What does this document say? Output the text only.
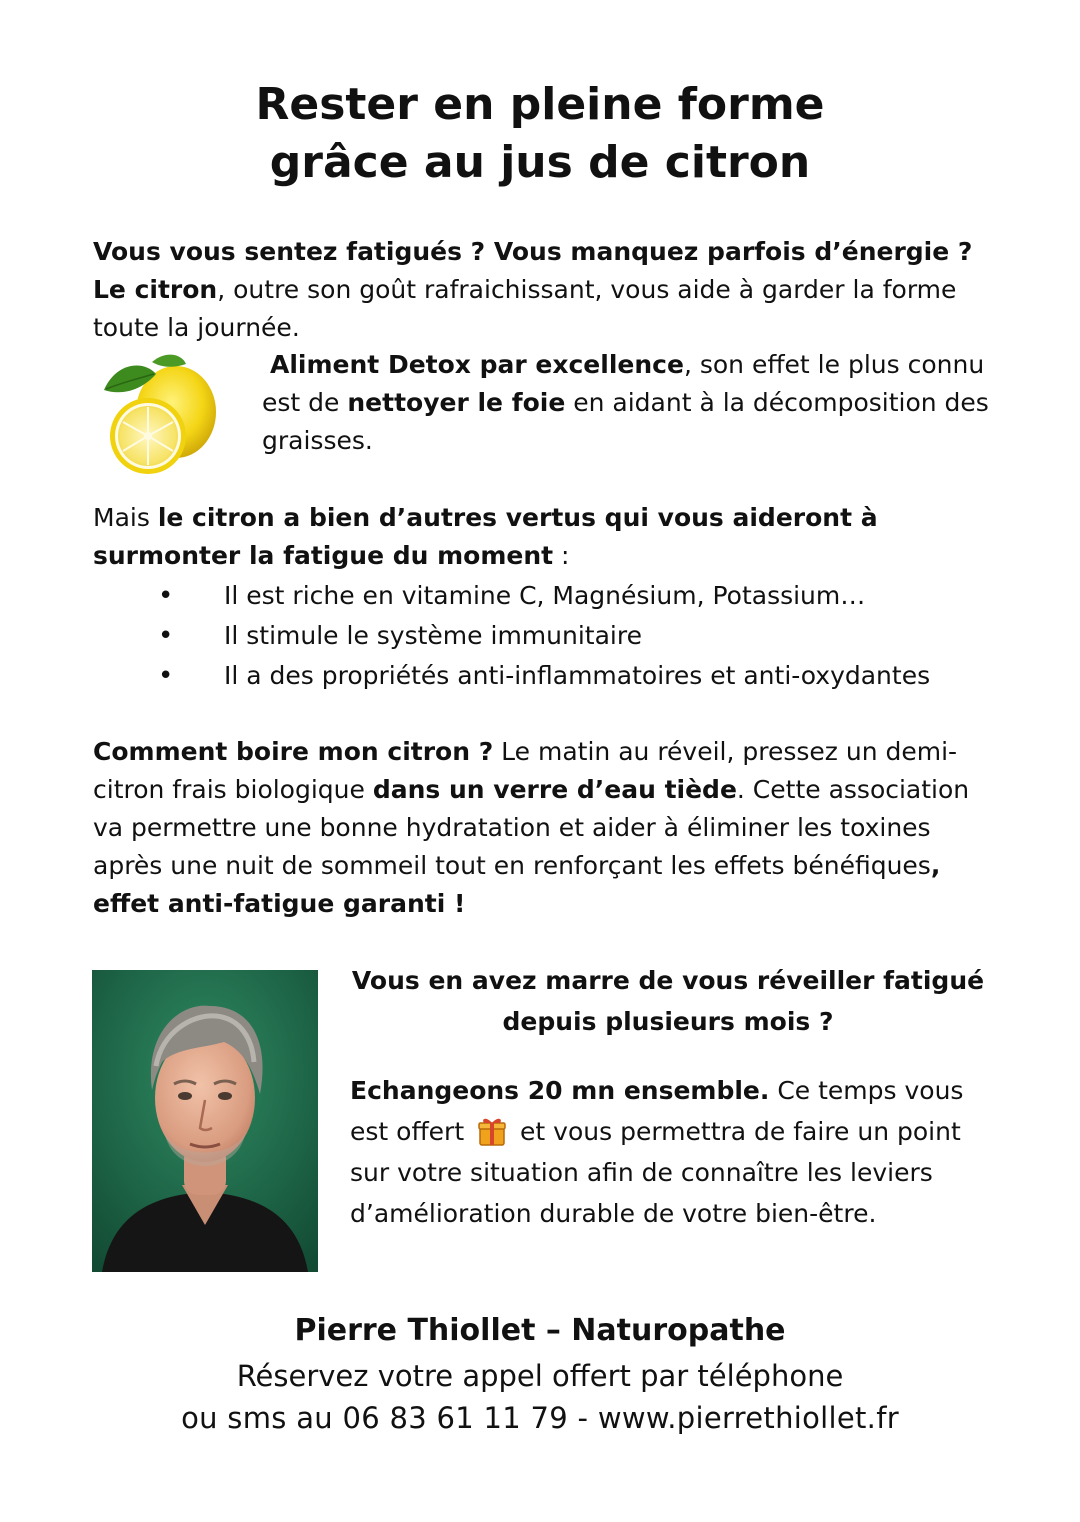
Rester en pleine forme
grâce au jus de citron

Vous vous sentez fatigués ? Vous manquez parfois d’énergie ?
Le citron, outre son goût rafraichissant, vous aide à garder la forme toute la journée.

Aliment Detox par excellence, son effet le plus connu est de nettoyer le foie en aidant à la décomposition des graisses.

Mais le citron a bien d’autres vertus qui vous aideront à surmonter la fatigue du moment :

• Il est riche en vitamine C, Magnésium, Potassium…
• Il stimule le système immunitaire
• Il a des propriétés anti-inflammatoires et anti-oxydantes

Comment boire mon citron ? Le matin au réveil, pressez un demi-citron frais biologique dans un verre d’eau tiède. Cette association va permettre une bonne hydratation et aider à éliminer les toxines après une nuit de sommeil tout en renforçant les effets bénéfiques, effet anti-fatigue garanti !

Vous en avez marre de vous réveiller fatigué
depuis plusieurs mois ?

Echangeons 20 mn ensemble. Ce temps vous est offert et vous permettra de faire un point sur votre situation afin de connaître les leviers d’amélioration durable de votre bien-être.

Pierre Thiollet – Naturopathe

Réservez votre appel offert par téléphone

ou sms au 06 83 61 11 79 - www.pierrethiollet.fr
